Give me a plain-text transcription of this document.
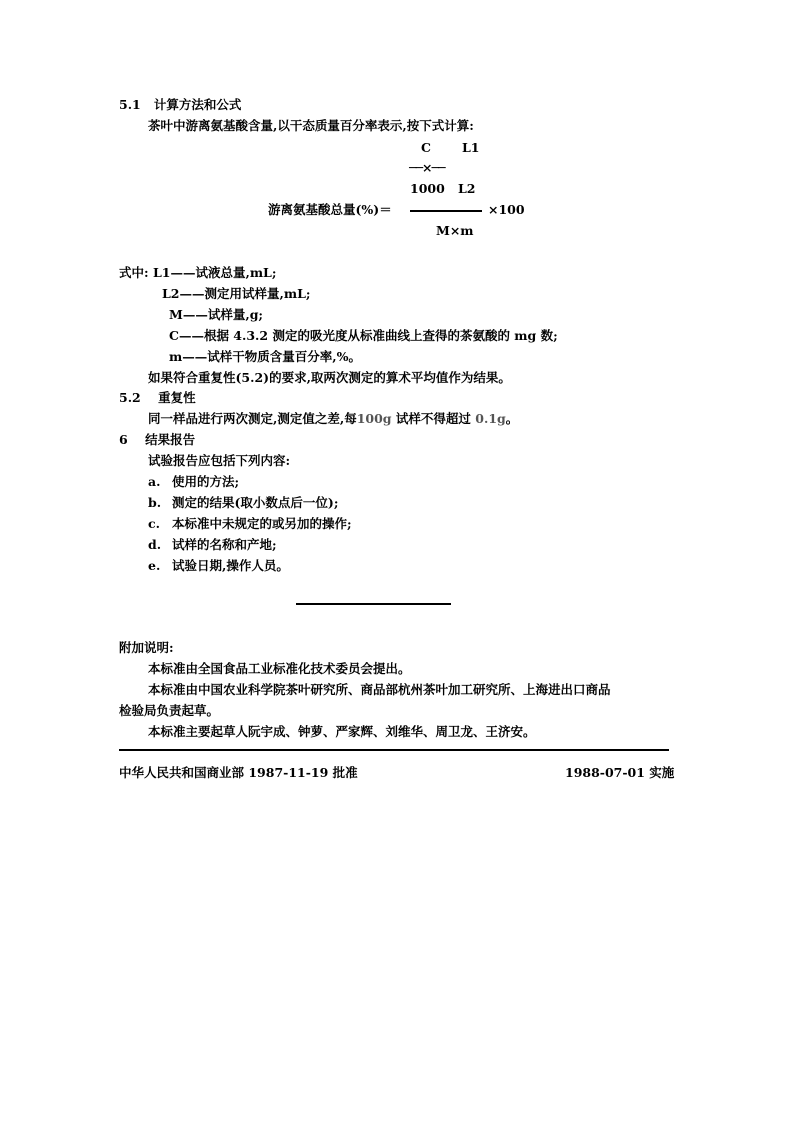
5.1 计算方法和公式
茶叶中游离氨基酸含量,以干态质量百分率表示,按下式计算:
C L1
──×──
1000 L2
游离氨基酸总量(%)＝	×100
M×m
式中: L1——试液总量,mL;
L2——测定用试样量,mL;
M——试样量,g;
C——根据 4.3.2 测定的吸光度从标准曲线上查得的茶氨酸的 mg 数;
m——试样干物质含量百分率,%。
如果符合重复性(5.2)的要求,取两次测定的算术平均值作为结果。
5.2 重复性
同一样品进行两次测定,测定值之差,每100g 试样不得超过 0.1g。
6 结果报告
试验报告应包括下列内容:
a. 使用的方法;
b. 测定的结果(取小数点后一位);
c. 本标准中未规定的或另加的操作;
d. 试样的名称和产地;
e. 试验日期,操作人员。
附加说明:
本标准由全国食品工业标准化技术委员会提出。
本标准由中国农业科学院茶叶研究所、商品部杭州茶叶加工研究所、上海进出口商品
检验局负责起草。
本标准主要起草人阮宇成、钟萝、严家辉、刘维华、周卫龙、王济安。
中华人民共和国商业部 1987-11-19 批准	1988-07-01 实施
